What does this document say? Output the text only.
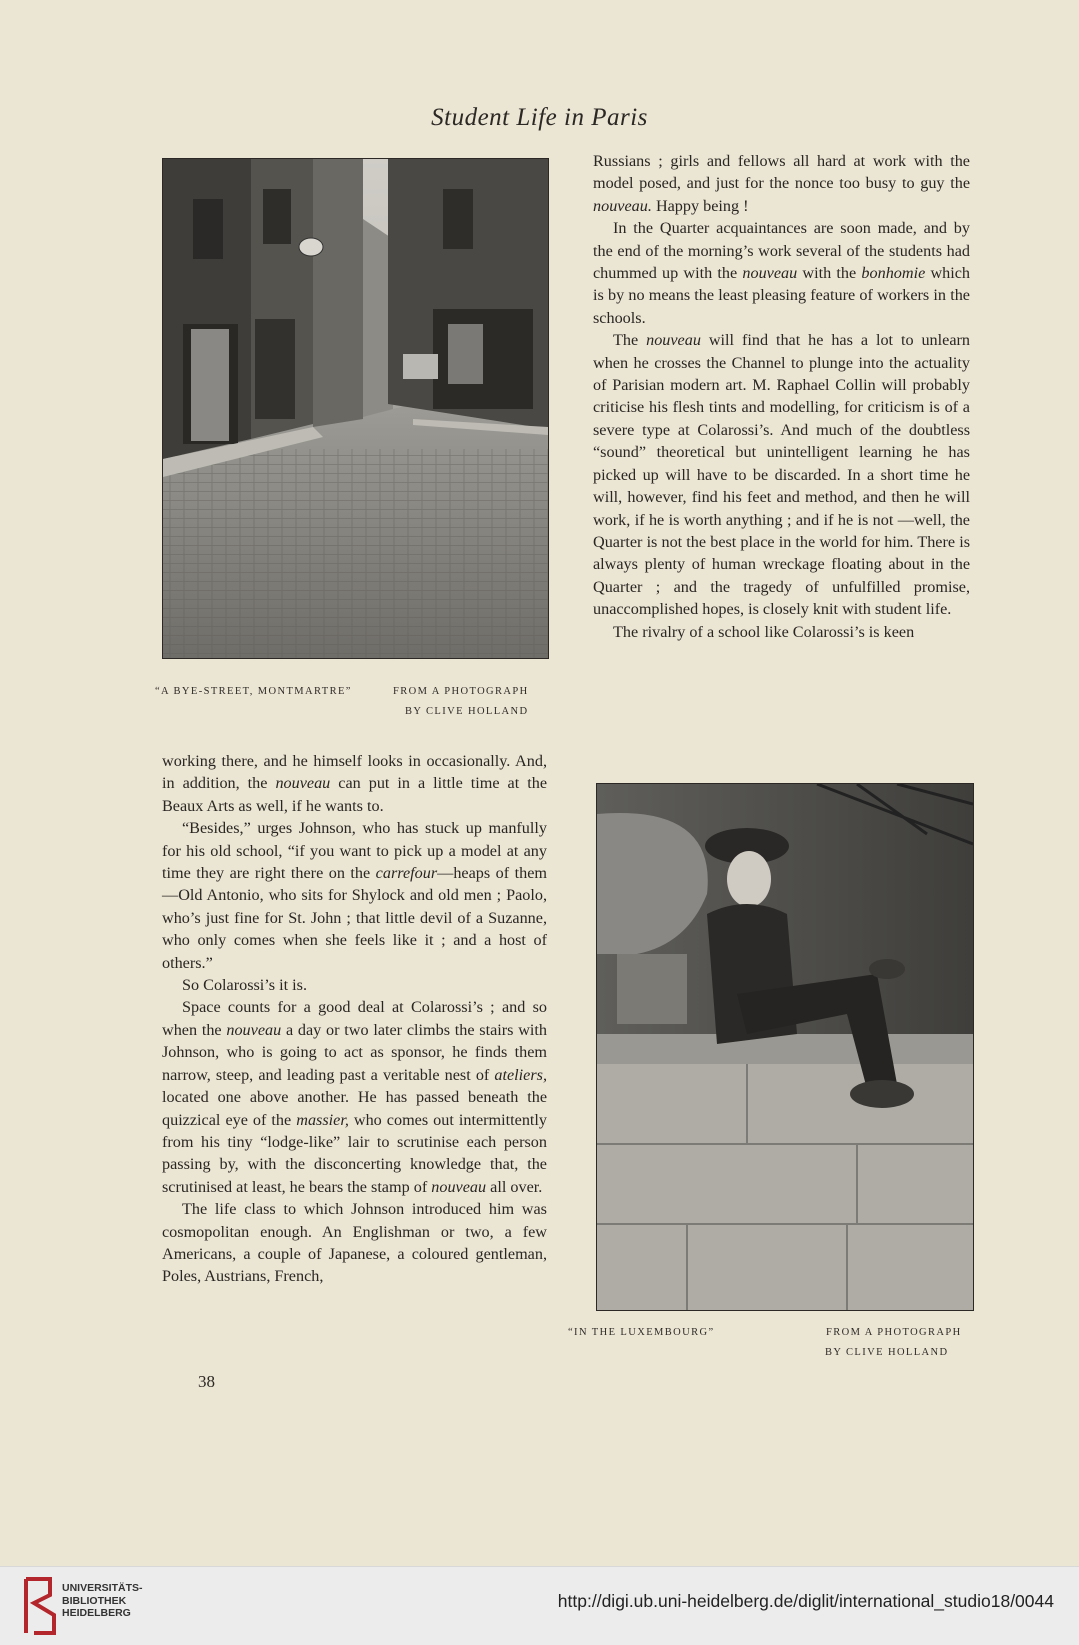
Student Life in Paris
“A BYE-STREET, MONTMARTRE”	FROM A PHOTOGRAPH
BY CLIVE HOLLAND

Russians ; girls and fellows all hard at work with the model posed, and just for the nonce too busy to guy the nouveau. Happy being !

In the Quarter acquaintances are soon made, and by the end of the morning’s work several of the students had chummed up with the nouveau with the bonhomie which is by no means the least pleasing feature of workers in the schools.

The nouveau will find that he has a lot to unlearn when he crosses the Channel to plunge into the actuality of Parisian modern art. M. Raphael Collin will probably criticise his flesh tints and modelling, for criticism is of a severe type at Colarossi’s. And much of the doubtless “sound” theoretical but unintelligent learning he has picked up will have to be discarded. In a short time he will, however, find his feet and method, and then he will work, if he is worth anything ; and if he is not —well, the Quarter is not the best place in the world for him. There is always plenty of human wreckage floating about in the Quarter ; and the tragedy of unfulfilled promise, unaccomplished hopes, is closely knit with student life.

The rivalry of a school like Colarossi’s is keen

“IN THE LUXEMBOURG”	FROM A PHOTOGRAPH
BY CLIVE HOLLAND

working there, and he himself looks in occasionally. And, in addition, the nouveau can put in a little time at the Beaux Arts as well, if he wants to.

“Besides,” urges Johnson, who has stuck up manfully for his old school, “if you want to pick up a model at any time they are right there on the carrefour—heaps of them—Old Antonio, who sits for Shylock and old men ; Paolo, who’s just fine for St. John ; that little devil of a Suzanne, who only comes when she feels like it ; and a host of others.”

So Colarossi’s it is.

Space counts for a good deal at Colarossi’s ; and so when the nouveau a day or two later climbs the stairs with Johnson, who is going to act as sponsor, he finds them narrow, steep, and leading past a veritable nest of ateliers, located one above another. He has passed beneath the quizzical eye of the massier, who comes out intermittently from his tiny “lodge-like” lair to scrutinise each person passing by, with the disconcerting knowledge that, the scrutinised at least, he bears the stamp of nouveau all over.

The life class to which Johnson introduced him was cosmopolitan enough. An Englishman or two, a few Americans, a couple of Japanese, a coloured gentleman, Poles, Austrians, French,

38
UNIVERSITÄTS-
BIBLIOTHEK
HEIDELBERG
http://digi.ub.uni-heidelberg.de/diglit/international_studio18/0044
